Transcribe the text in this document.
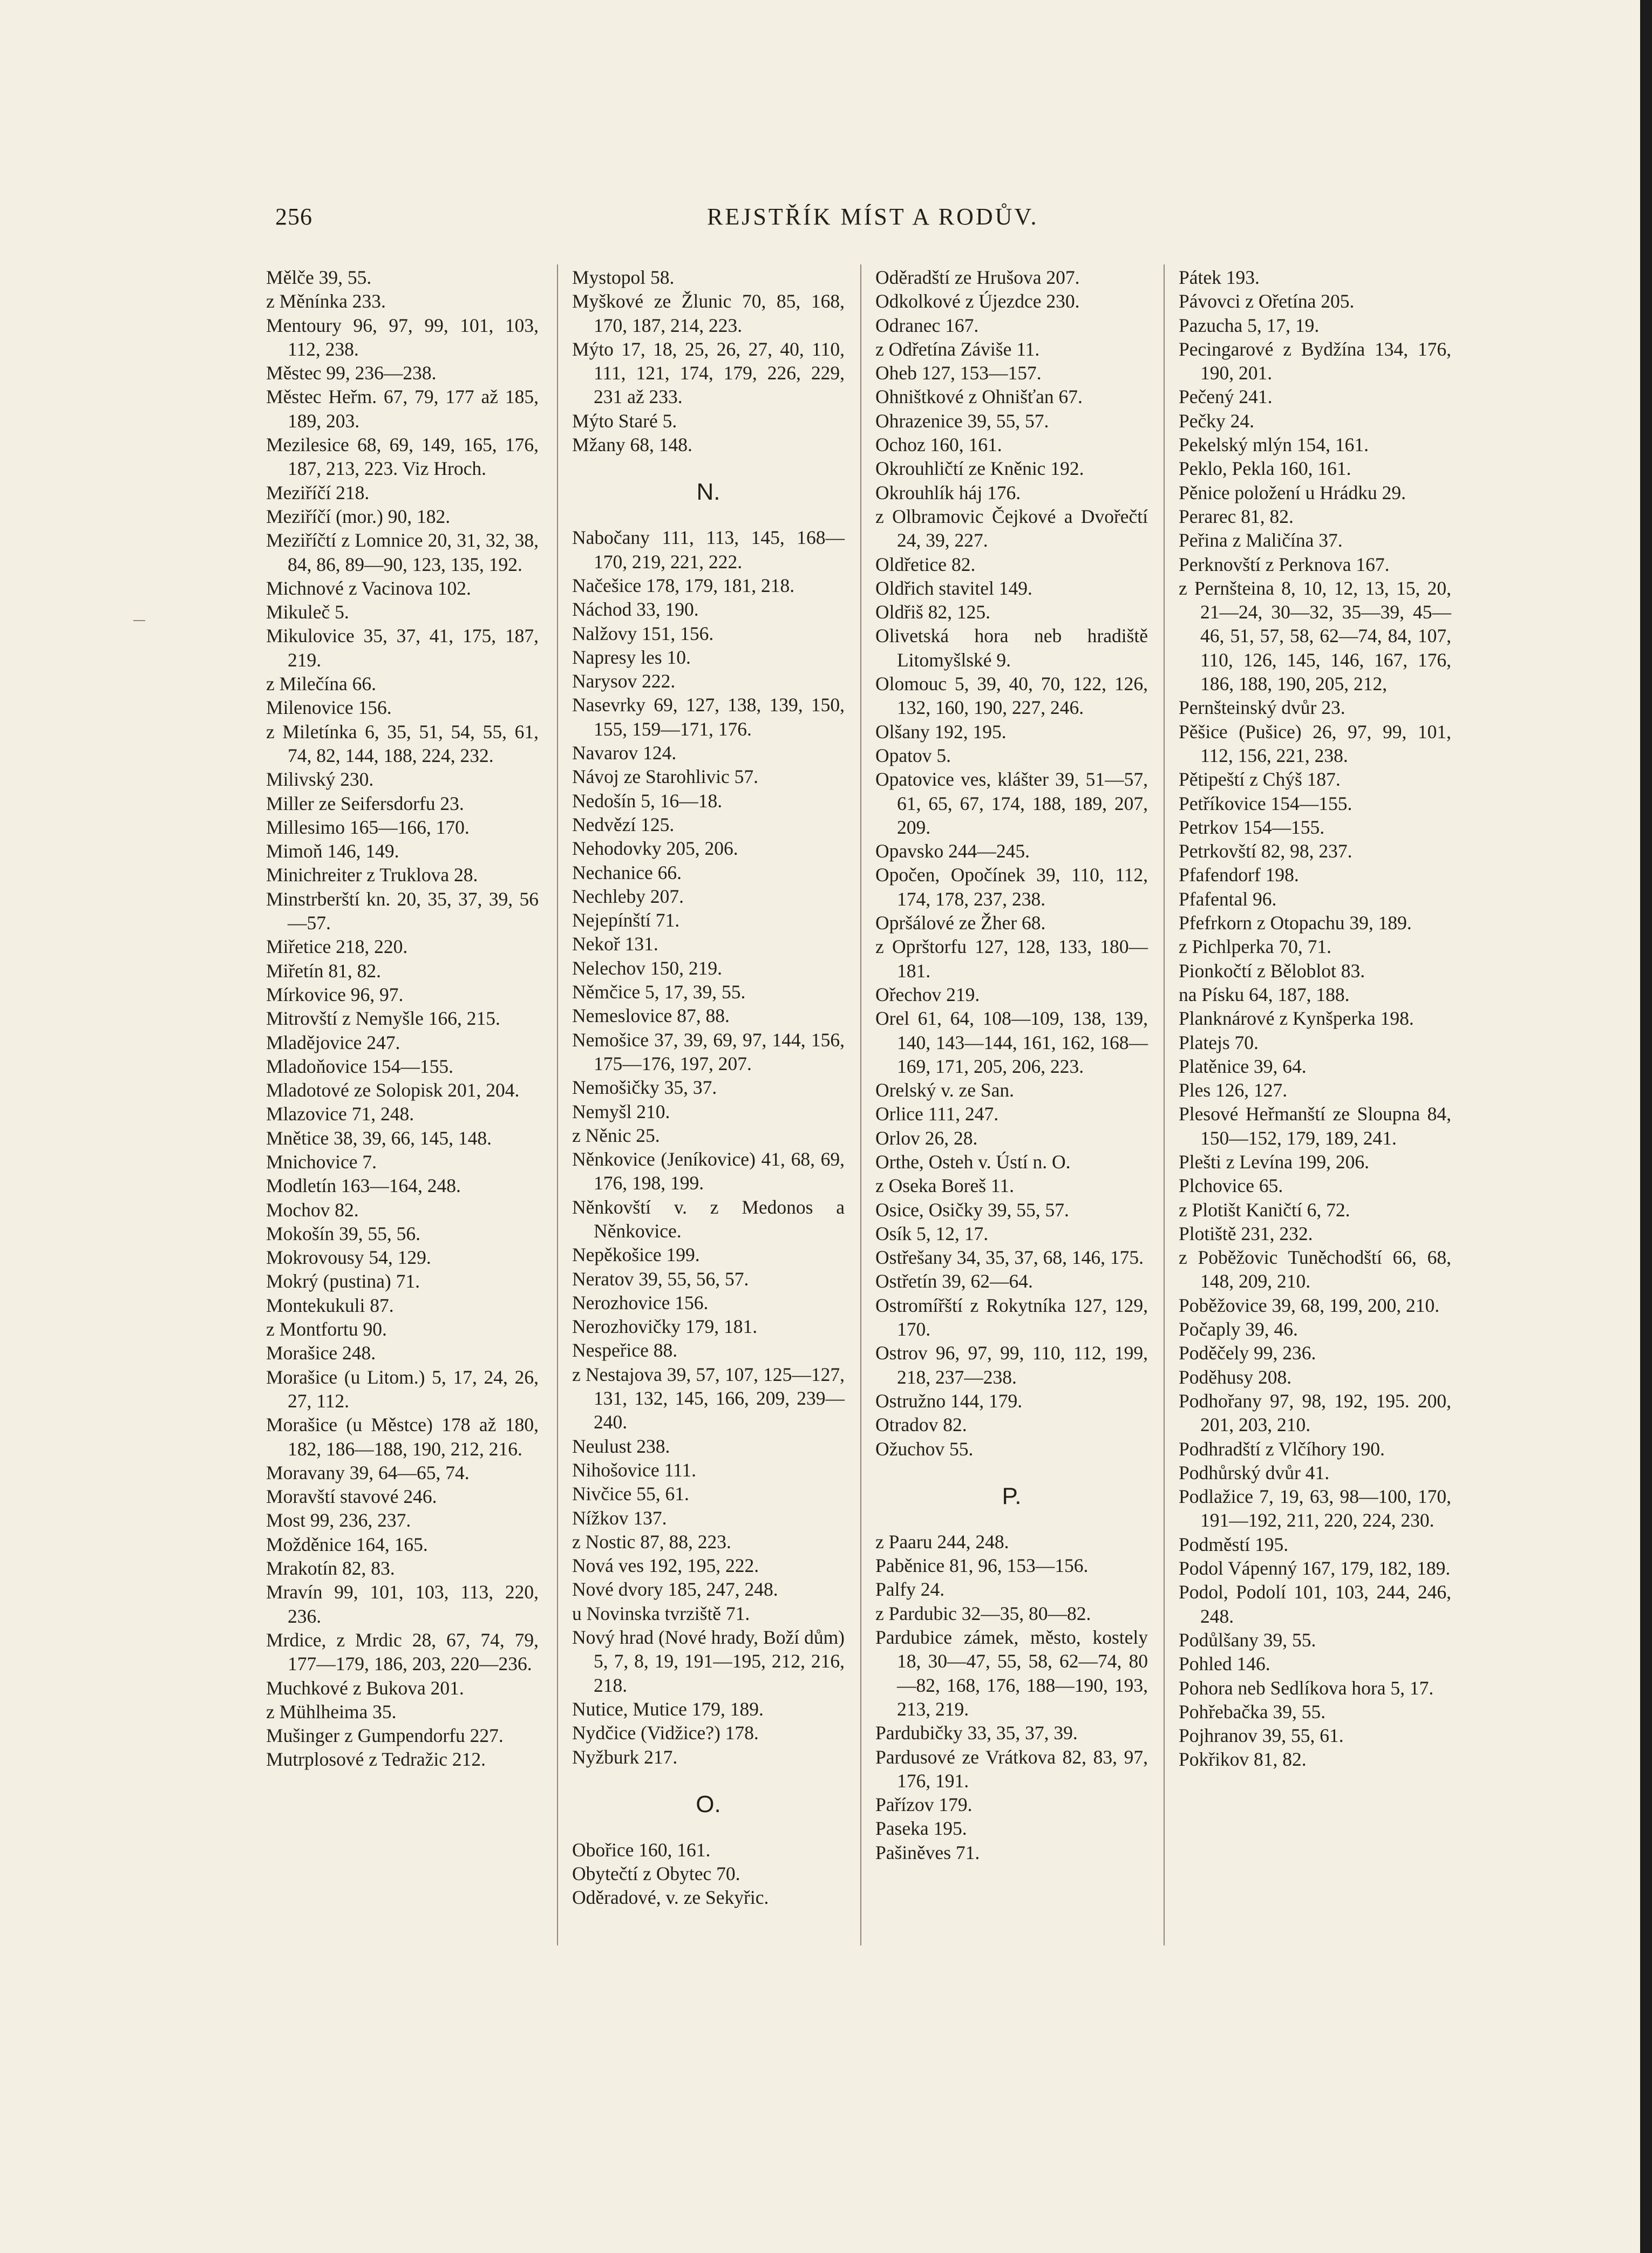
256	REJSTŘÍK MÍST A RODŮV.

Mělče 39, 55.

z Měnínka 233.

Mentoury 96, 97, 99, 101, 103, 112, 238.

Městec 99, 236—238.

Městec Heřm. 67, 79, 177 až 185, 189, 203.

Mezilesice 68, 69, 149, 165, 176, 187, 213, 223. Viz Hroch.

Meziříčí 218.

Meziříčí (mor.) 90, 182.

Meziříčtí z Lomnice 20, 31, 32, 38, 84, 86, 89—90, 123, 135, 192.

Michnové z Vacinova 102.

Mikuleč 5.

Mikulovice 35, 37, 41, 175, 187, 219.

z Milečína 66.

Milenovice 156.

z Miletínka 6, 35, 51, 54, 55, 61, 74, 82, 144, 188, 224, 232.

Milivský 230.

Miller ze Seifersdorfu 23.

Millesimo 165—166, 170.

Mimoň 146, 149.

Minichreiter z Truklova 28.

Minstrberští kn. 20, 35, 37, 39, 56—57.

Miřetice 218, 220.

Miřetín 81, 82.

Mírkovice 96, 97.

Mitrovští z Nemyšle 166, 215.

Mladějovice 247.

Mladoňovice 154—155.

Mladotové ze Solopisk 201, 204.

Mlazovice 71, 248.

Mnětice 38, 39, 66, 145, 148.

Mnichovice 7.

Modletín 163—164, 248.

Mochov 82.

Mokošín 39, 55, 56.

Mokrovousy 54, 129.

Mokrý (pustina) 71.

Montekukuli 87.

z Montfortu 90.

Morašice 248.

Morašice (u Litom.) 5, 17, 24, 26, 27, 112.

Morašice (u Městce) 178 až 180, 182, 186—188, 190, 212, 216.

Moravany 39, 64—65, 74.

Moravští stavové 246.

Most 99, 236, 237.

Možděnice 164, 165.

Mrakotín 82, 83.

Mravín 99, 101, 103, 113, 220, 236.

Mrdice, z Mrdic 28, 67, 74, 79, 177—179, 186, 203, 220—236.

Muchkové z Bukova 201.

z Mühlheima 35.

Mušinger z Gumpendorfu 227.

Mutrplosové z Tedražic 212.

Mystopol 58.

Myškové ze Žlunic 70, 85, 168, 170, 187, 214, 223.

Mýto 17, 18, 25, 26, 27, 40, 110, 111, 121, 174, 179, 226, 229, 231 až 233.

Mýto Staré 5.

Mžany 68, 148.

N.

Nabočany 111, 113, 145, 168—170, 219, 221, 222.

Načešice 178, 179, 181, 218.

Náchod 33, 190.

Nalžovy 151, 156.

Napresy les 10.

Narysov 222.

Nasevrky 69, 127, 138, 139, 150, 155, 159—171, 176.

Navarov 124.

Návoj ze Starohlivic 57.

Nedošín 5, 16—18.

Nedvězí 125.

Nehodovky 205, 206.

Nechanice 66.

Nechleby 207.

Nejepínští 71.

Nekoř 131.

Nelechov 150, 219.

Němčice 5, 17, 39, 55.

Nemeslovice 87, 88.

Nemošice 37, 39, 69, 97, 144, 156, 175—176, 197, 207.

Nemošičky 35, 37.

Nemyšl 210.

z Něnic 25.

Něnkovice (Jeníkovice) 41, 68, 69, 176, 198, 199.

Něnkovští v. z Medonos a Něnkovice.

Nepěkošice 199.

Neratov 39, 55, 56, 57.

Nerozhovice 156.

Nerozhovičky 179, 181.

Nespeřice 88.

z Nestajova 39, 57, 107, 125—127, 131, 132, 145, 166, 209, 239—240.

Neulust 238.

Nihošovice 111.

Nivčice 55, 61.

Nížkov 137.

z Nostic 87, 88, 223.

Nová ves 192, 195, 222.

Nové dvory 185, 247, 248.

u Novinska tvrziště 71.

Nový hrad (Nové hrady, Boží dům) 5, 7, 8, 19, 191—195, 212, 216, 218.

Nutice, Mutice 179, 189.

Nydčice (Vidžice?) 178.

Nyžburk 217.

O.

Obořice 160, 161.

Obytečtí z Obytec 70.

Oděradové, v. ze Sekyřic.

Oděradští ze Hrušova 207.

Odkolkové z Újezdce 230.

Odranec 167.

z Odřetína Záviše 11.

Oheb 127, 153—157.

Ohništkové z Ohnišťan 67.

Ohrazenice 39, 55, 57.

Ochoz 160, 161.

Okrouhličtí ze Kněnic 192.

Okrouhlík háj 176.

z Olbramovic Čejkové a Dvořečtí 24, 39, 227.

Oldřetice 82.

Oldřich stavitel 149.

Oldřiš 82, 125.

Olivetská hora neb hradiště Litomyšlské 9.

Olomouc 5, 39, 40, 70, 122, 126, 132, 160, 190, 227, 246.

Olšany 192, 195.

Opatov 5.

Opatovice ves, klášter 39, 51—57, 61, 65, 67, 174, 188, 189, 207, 209.

Opavsko 244—245.

Opočen, Opočínek 39, 110, 112, 174, 178, 237, 238.

Opršálové ze Žher 68.

z Oprštorfu 127, 128, 133, 180—181.

Ořechov 219.

Orel 61, 64, 108—109, 138, 139, 140, 143—144, 161, 162, 168—169, 171, 205, 206, 223.

Orelský v. ze San.

Orlice 111, 247.

Orlov 26, 28.

Orthe, Osteh v. Ústí n. O.

z Oseka Boreš 11.

Osice, Osičky 39, 55, 57.

Osík 5, 12, 17.

Ostřešany 34, 35, 37, 68, 146, 175.

Ostřetín 39, 62—64.

Ostromířští z Rokytníka 127, 129, 170.

Ostrov 96, 97, 99, 110, 112, 199, 218, 237—238.

Ostružno 144, 179.

Otradov 82.

Ožuchov 55.

P.

z Paaru 244, 248.

Paběnice 81, 96, 153—156.

Palfy 24.

z Pardubic 32—35, 80—82.

Pardubice zámek, město, kostely 18, 30—47, 55, 58, 62—74, 80—82, 168, 176, 188—190, 193, 213, 219.

Pardubičky 33, 35, 37, 39.

Pardusové ze Vrátkova 82, 83, 97, 176, 191.

Pařízov 179.

Paseka 195.

Pašiněves 71.

Pátek 193.

Pávovci z Ořetína 205.

Pazucha 5, 17, 19.

Pecingarové z Bydžína 134, 176, 190, 201.

Pečený 241.

Pečky 24.

Pekelský mlýn 154, 161.

Peklo, Pekla 160, 161.

Pěnice položení u Hrádku 29.

Perarec 81, 82.

Peřina z Maličína 37.

Perknovští z Perknova 167.

z Pernšteina 8, 10, 12, 13, 15, 20, 21—24, 30—32, 35—39, 45—46, 51, 57, 58, 62—74, 84, 107, 110, 126, 145, 146, 167, 176, 186, 188, 190, 205, 212,

Pernšteinský dvůr 23.

Pěšice (Pušice) 26, 97, 99, 101, 112, 156, 221, 238.

Pětipeští z Chýš 187.

Petříkovice 154—155.

Petrkov 154—155.

Petrkovští 82, 98, 237.

Pfafendorf 198.

Pfafental 96.

Pfefrkorn z Otopachu 39, 189.

z Pichlperka 70, 71.

Pionkočtí z Běloblot 83.

na Písku 64, 187, 188.

Planknárové z Kynšperka 198.

Platejs 70.

Platěnice 39, 64.

Ples 126, 127.

Plesové Heřmanští ze Sloupna 84, 150—152, 179, 189, 241.

Plešti z Levína 199, 206.

Plchovice 65.

z Plotišt Kaničtí 6, 72.

Plotiště 231, 232.

z Poběžovic Tuněchodští 66, 68, 148, 209, 210.

Poběžovice 39, 68, 199, 200, 210.

Počaply 39, 46.

Poděčely 99, 236.

Poděhusy 208.

Podhořany 97, 98, 192, 195. 200, 201, 203, 210.

Podhradští z Vlčíhory 190.

Podhůrský dvůr 41.

Podlažice 7, 19, 63, 98—100, 170, 191—192, 211, 220, 224, 230.

Podměstí 195.

Podol Vápenný 167, 179, 182, 189.

Podol, Podolí 101, 103, 244, 246, 248.

Podůlšany 39, 55.

Pohled 146.

Pohora neb Sedlíkova hora 5, 17.

Pohřebačka 39, 55.

Pojhranov 39, 55, 61.

Pokřikov 81, 82.
